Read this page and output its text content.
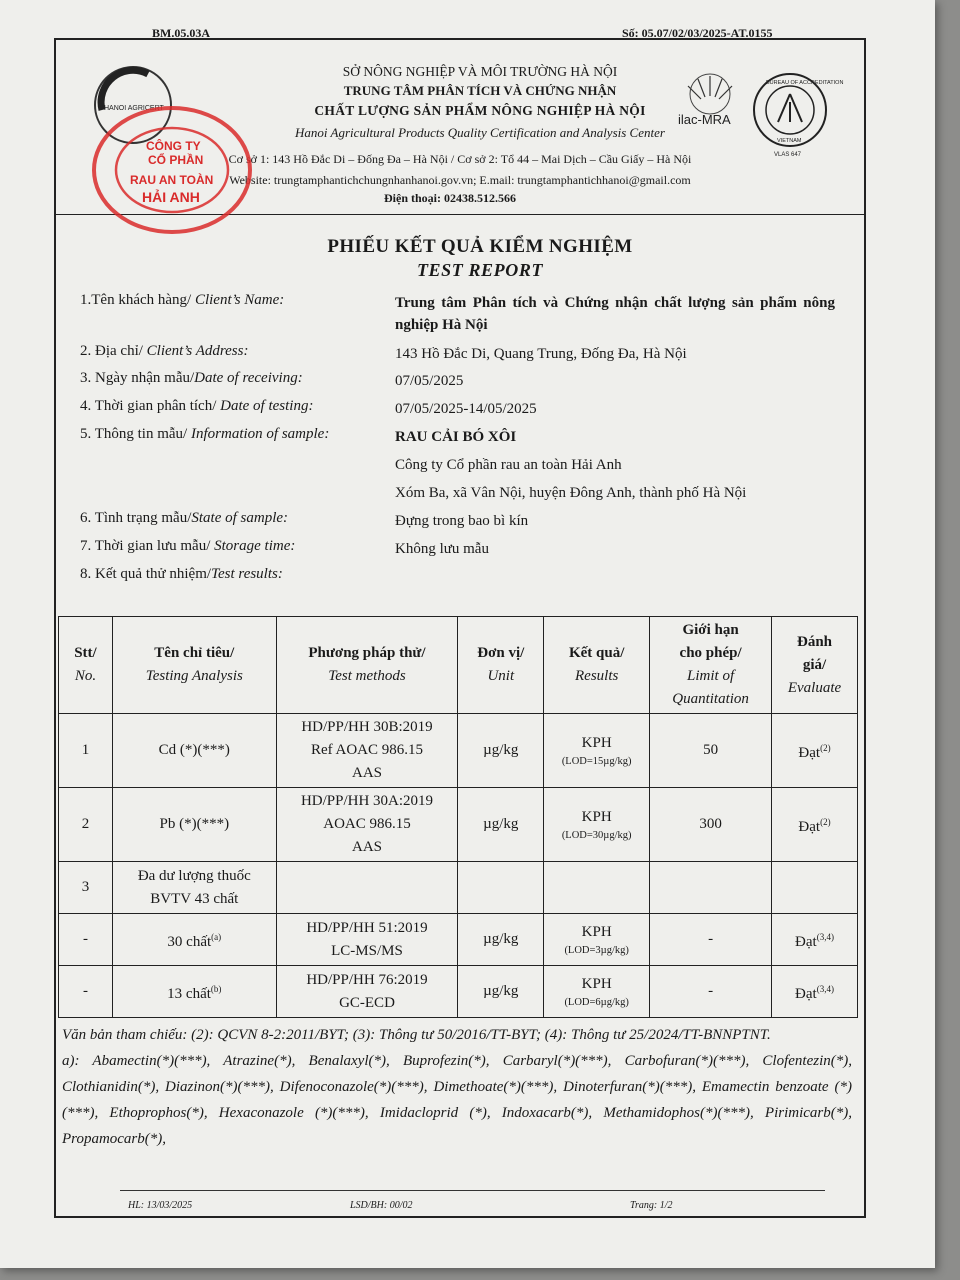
BM.05.03A	Số: 05.07/02/03/2025-AT.0155
HANOI AGRICERT
SỞ NÔNG NGHIỆP VÀ MÔI TRƯỜNG HÀ NỘI
TRUNG TÂM PHÂN TÍCH VÀ CHỨNG NHẬN
CHẤT LƯỢNG SẢN PHẨM NÔNG NGHIỆP HÀ NỘI
Hanoi Agricultural Products Quality Certification and Analysis Center
Cơ sở 1: 143 Hồ Đắc Di – Đống Đa – Hà Nội / Cơ sở 2: Tổ 44 – Mai Dịch – Cầu Giấy – Hà Nội
Website: trungtamphantichchungnhanhanoi.gov.vn; E.mail: trungtamphantichhanoi@gmail.com
Điện thoại: 02438.512.566
ilac-MRA
BUREAU OF ACCREDITATION
VIETNAM
VLAS 647
CÔNG TY
CỔ PHẦN
RAU AN TOÀN
HẢI ANH
PHIẾU KẾT QUẢ KIỂM NGHIỆM
TEST REPORT
1.Tên khách hàng/ Client’s Name:	Trung tâm Phân tích và Chứng nhận chất lượng sản phẩm nông nghiệp Hà Nội
2. Địa chỉ/ Client’s Address:	143 Hồ Đắc Di, Quang Trung, Đống Đa, Hà Nội
3. Ngày nhận mẫu/Date of receiving:	07/05/2025
4. Thời gian phân tích/ Date of testing:	07/05/2025-14/05/2025
5. Thông tin mẫu/ Information of sample:	RAU CẢI BÓ XÔI
Công ty Cổ phần rau an toàn Hải Anh
Xóm Ba, xã Vân Nội, huyện Đông Anh, thành phố Hà Nội
6. Tình trạng mẫu/State of sample:	Đựng trong bao bì kín
7. Thời gian lưu mẫu/ Storage time:	Không lưu mẫu
8. Kết quả thử nhiệm/Test results:
Stt/
No.	Tên chỉ tiêu/
Testing Analysis	Phương pháp thử/
Test methods	Đơn vị/
Unit	Kết quả/
Results	Giới hạn
cho phép/
Limit of
Quantitation	Đánh
giá/
Evaluate

1	Cd (*)(***)	HD/PP/HH 30B:2019
Ref AOAC 986.15
AAS	µg/kg	KPH
(LOD=15µg/kg)	50	Đạt$^{(2)}$
2	Pb (*)(***)	HD/PP/HH 30A:2019
AOAC 986.15
AAS	µg/kg	KPH
(LOD=30µg/kg)	300	Đạt$^{(2)}$
3	Đa dư lượng thuốc
BVTV 43 chất					

-	30 chất$^{(a)}$	HD/PP/HH 51:2019
LC-MS/MS	µg/kg	KPH
(LOD=3µg/kg)	-	Đạt$^{(3,4)}$
-	13 chất$^{(b)}$	HD/PP/HH 76:2019
GC-ECD	µg/kg	KPH
(LOD=6µg/kg)	-	Đạt$^{(3,4)}$
Văn bản tham chiếu: (2): QCVN 8-2:2011/BYT; (3): Thông tư 50/2016/TT-BYT; (4): Thông tư 25/2024/TT-BNNPTNT.
a): Abamectin(*)(***), Atrazine(*), Benalaxyl(*), Buprofezin(*), Carbaryl(*)(***), Carbofuran(*)(***), Clofentezin(*), Clothianidin(*), Diazinon(*)(***), Difenoconazole(*)(***), Dimethoate(*)(***), Dinoterfuran(*)(***), Emamectin benzoate (*)(***), Ethoprophos(*), Hexaconazole (*)(***), Imidacloprid (*), Indoxacarb(*), Methamidophos(*)(***), Pirimicarb(*), Propamocarb(*),
HL: 13/03/2025	LSD/BH: 00/02	Trang: 1/2
